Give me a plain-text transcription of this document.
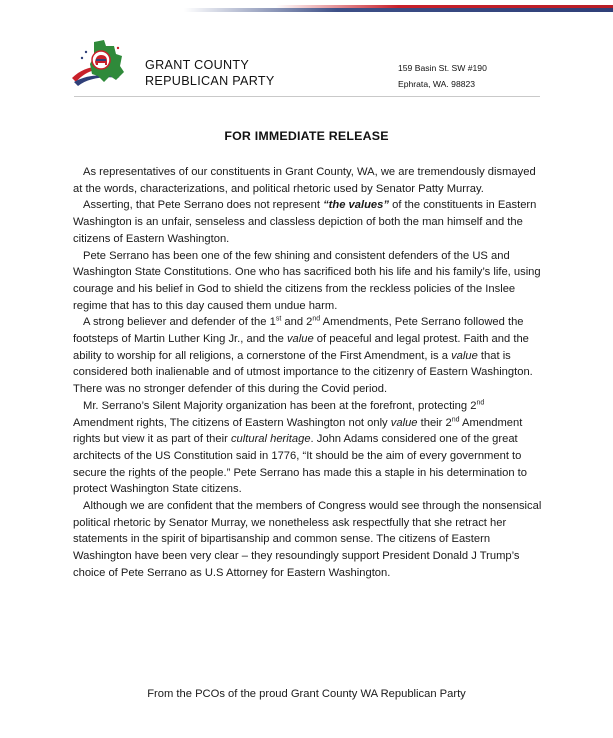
GRANT COUNTY
REPUBLICAN PARTY
159 Basin St. SW #190
Ephrata, WA. 98823
FOR IMMEDIATE RELEASE

As representatives of our constituents in Grant County, WA, we are tremendously dismayed at the words, characterizations, and political rhetoric used by Senator Patty Murray.

Asserting, that Pete Serrano does not represent “the values” of the constituents in Eastern Washington is an unfair, senseless and classless depiction of both the man himself and the citizens of Eastern Washington.

Pete Serrano has been one of the few shining and consistent defenders of the US and Washington State Constitutions. One who has sacrificed both his life and his family’s life, using courage and his belief in God to shield the citizens from the reckless policies of the Inslee regime that has to this day caused them undue harm.

A strong believer and defender of the 1st and 2nd Amendments, Pete Serrano followed the footsteps of Martin Luther King Jr., and the value of peaceful and legal protest. Faith and the ability to worship for all religions, a cornerstone of the First Amendment, is a value that is considered both inalienable and of utmost importance to the citizenry of Eastern Washington. There was no stronger defender of this during the Covid period.

Mr. Serrano’s Silent Majority organization has been at the forefront, protecting 2nd Amendment rights, The citizens of Eastern Washington not only value their 2nd Amendment rights but view it as part of their cultural heritage. John Adams considered one of the great architects of the US Constitution said in 1776, “It should be the aim of every government to secure the rights of the people.” Pete Serrano has made this a staple in his determination to protect Washington State citizens.

Although we are confident that the members of Congress would see through the nonsensical political rhetoric by Senator Murray, we nonetheless ask respectfully that she retract her statements in the spirit of bipartisanship and common sense. The citizens of Eastern Washington have been very clear – they resoundingly support President Donald J Trump’s choice of Pete Serrano as U.S Attorney for Eastern Washington.

From the PCOs of the proud Grant County WA Republican Party
